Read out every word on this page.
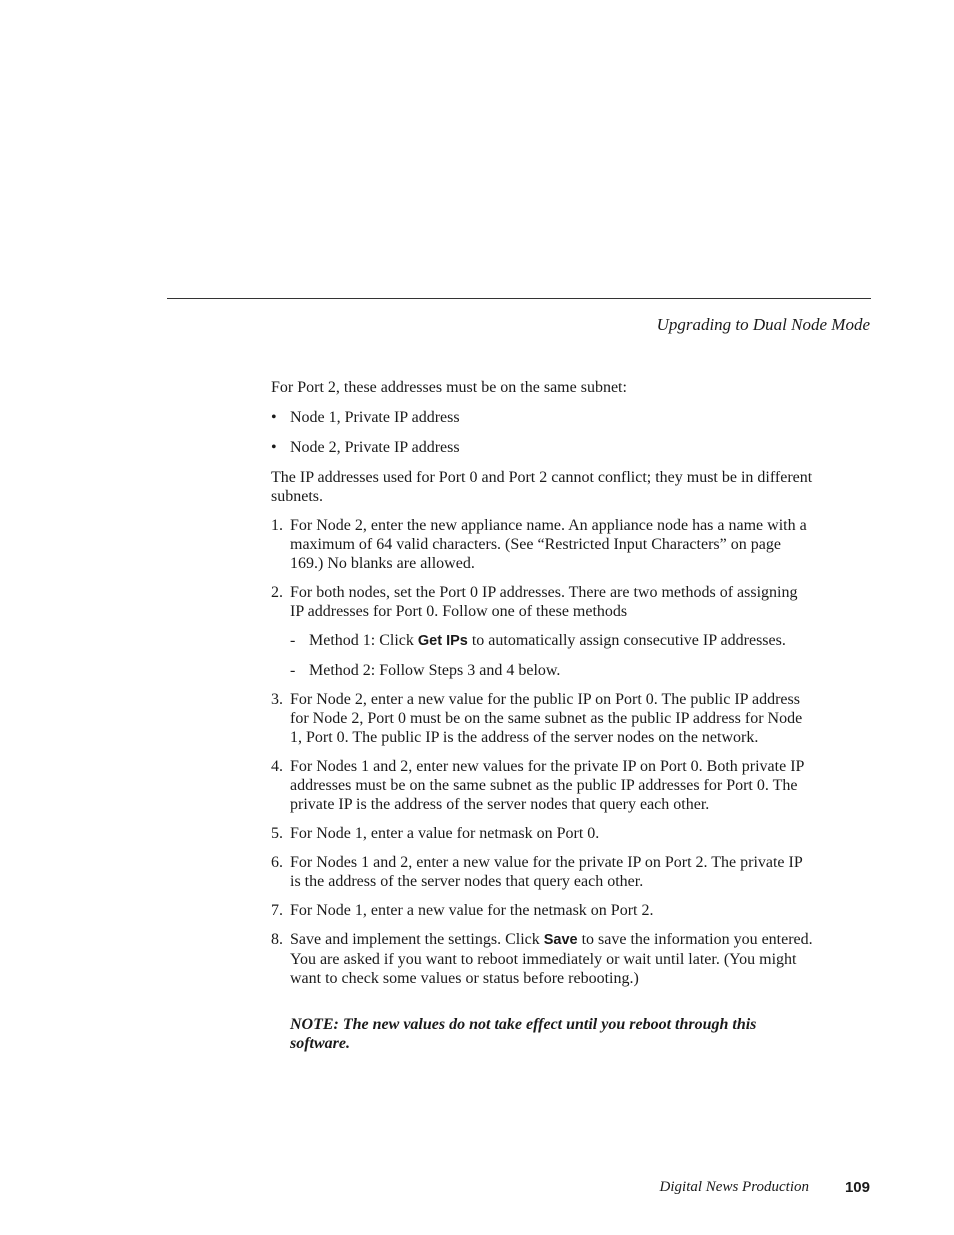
Upgrading to Dual Node Mode

For Port 2, these addresses must be on the same subnet:

• Node 1, Private IP address
• Node 2, Private IP address

The IP addresses used for Port 0 and Port 2 cannot conflict; they must be in different subnets.

1. For Node 2, enter the new appliance name. An appliance node has a name with a maximum of 64 valid characters. (See “Restricted Input Characters” on page 169.) No blanks are allowed.
2. For both nodes, set the Port 0 IP addresses. There are two methods of assigning IP addresses for Port 0. Follow one of these methods
- Method 1: Click Get IPs to automatically assign consecutive IP addresses.
- Method 2: Follow Steps 3 and 4 below.
3. For Node 2, enter a new value for the public IP on Port 0. The public IP address for Node 2, Port 0 must be on the same subnet as the public IP address for Node 1, Port 0. The public IP is the address of the server nodes on the network.
4. For Nodes 1 and 2, enter new values for the private IP on Port 0. Both private IP addresses must be on the same subnet as the public IP addresses for Port 0. The private IP is the address of the server nodes that query each other.
5. For Node 1, enter a value for netmask on Port 0.
6. For Nodes 1 and 2, enter a new value for the private IP on Port 2. The private IP is the address of the server nodes that query each other.
7. For Node 1, enter a new value for the netmask on Port 2.
8. Save and implement the settings. Click Save to save the information you entered. You are asked if you want to reboot immediately or wait until later. (You might want to check some values or status before rebooting.)

NOTE: The new values do not take effect until you reboot through this software.

Digital News Production 109
